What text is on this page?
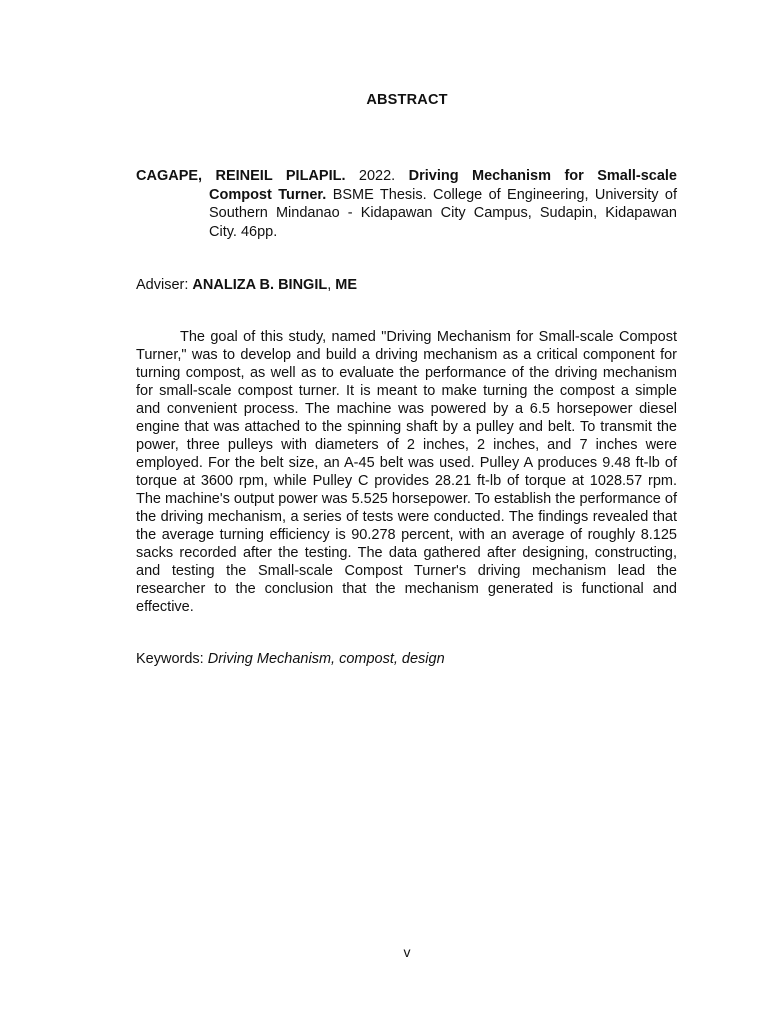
ABSTRACT
CAGAPE, REINEIL PILAPIL. 2022. Driving Mechanism for Small-scale Compost Turner. BSME Thesis. College of Engineering, University of Southern Mindanao - Kidapawan City Campus, Sudapin, Kidapawan City. 46pp.
Adviser: ANALIZA B. BINGIL, ME

The goal of this study, named "Driving Mechanism for Small-scale Compost Turner," was to develop and build a driving mechanism as a critical component for turning compost, as well as to evaluate the performance of the driving mechanism for small-scale compost turner. It is meant to make turning the compost a simple and convenient process. The machine was powered by a 6.5 horsepower diesel engine that was attached to the spinning shaft by a pulley and belt. To transmit the power, three pulleys with diameters of 2 inches, 2 inches, and 7 inches were employed. For the belt size, an A-45 belt was used. Pulley A produces 9.48 ft-lb of torque at 3600 rpm, while Pulley C provides 28.21 ft-lb of torque at 1028.57 rpm. The machine's output power was 5.525 horsepower. To establish the performance of the driving mechanism, a series of tests were conducted. The findings revealed that the average turning efficiency is 90.278 percent, with an average of roughly 8.125 sacks recorded after the testing. The data gathered after designing, constructing, and testing the Small-scale Compost Turner's driving mechanism lead the researcher to the conclusion that the mechanism generated is functional and effective.

Keywords: Driving Mechanism, compost, design
v
